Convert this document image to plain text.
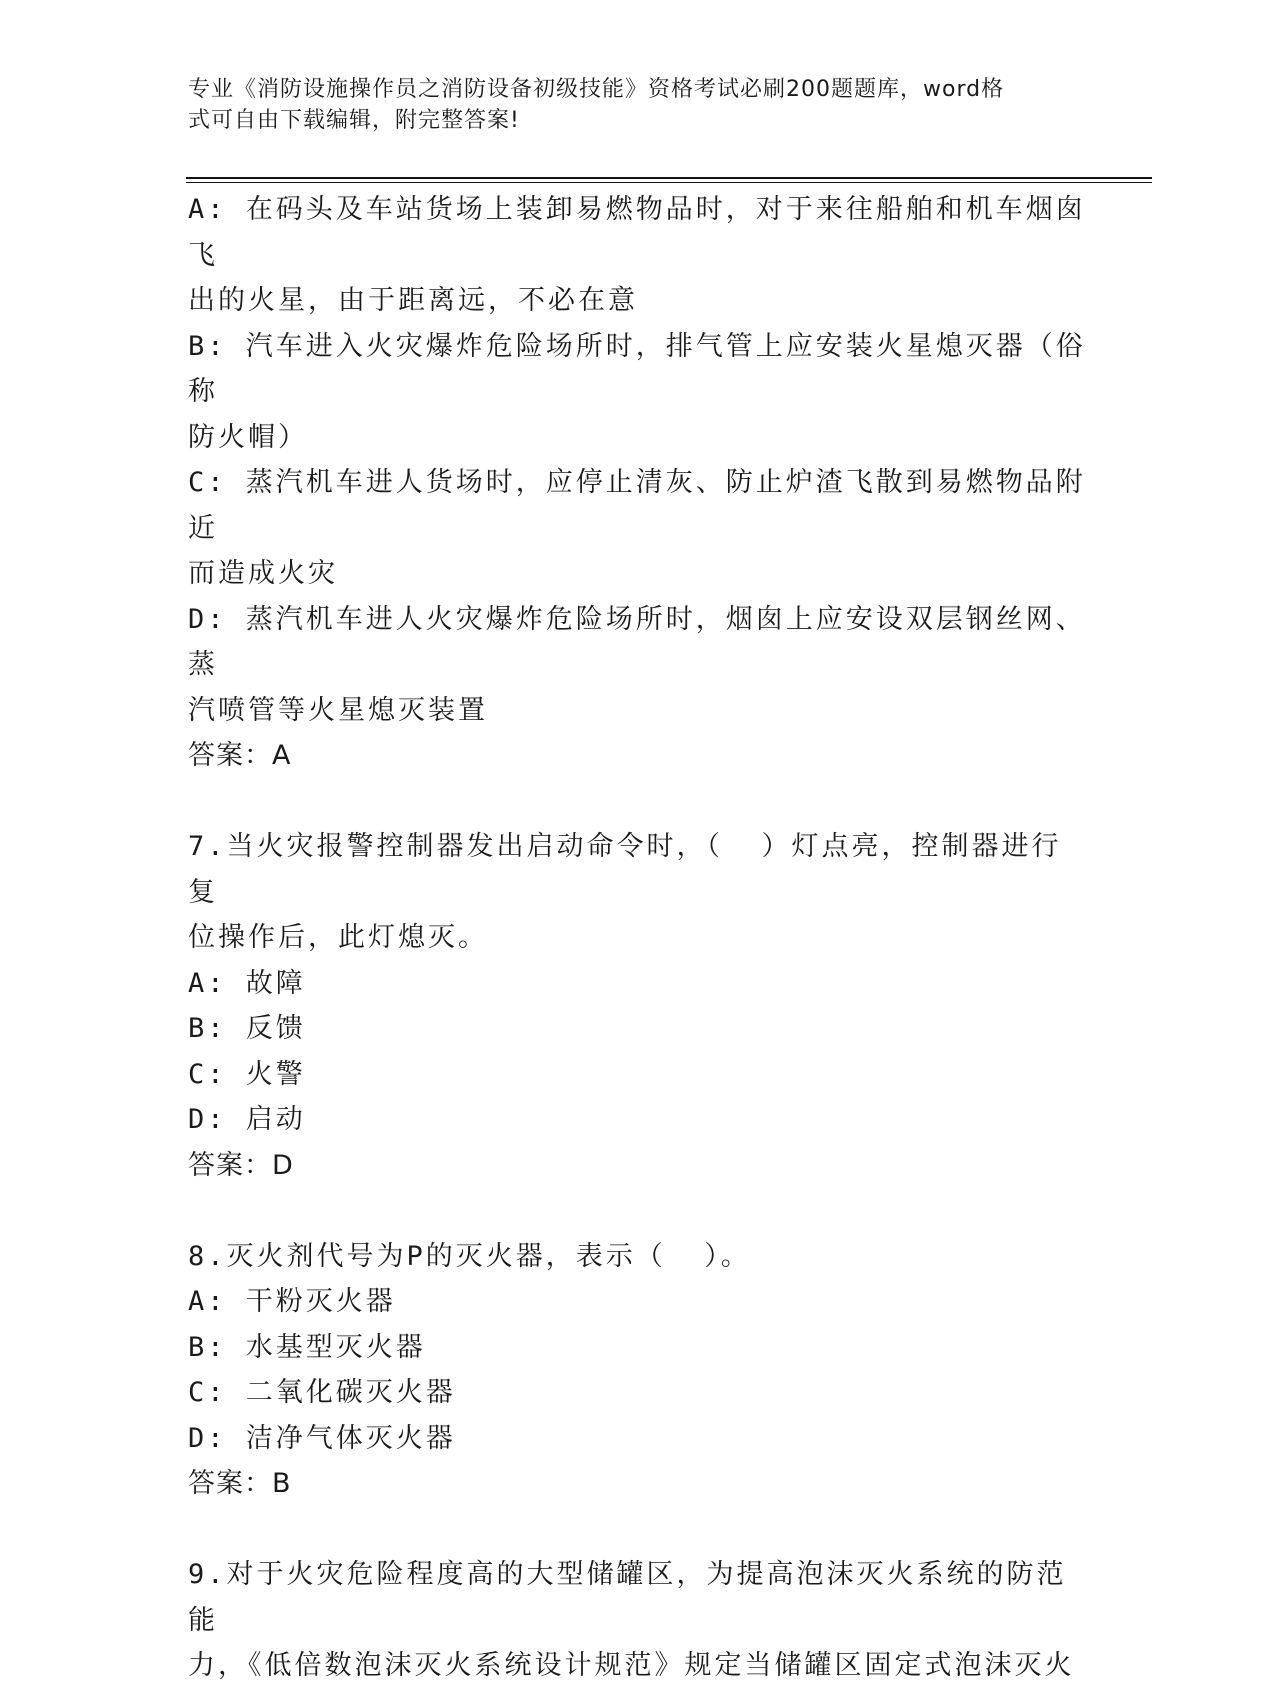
专业《消防设施操作员之消防设备初级技能》资格考试必刷200题题库，word格
式可自由下载编辑，附完整答案!

A: 在码头及车站货场上装卸易燃物品时，对于来往船舶和机车烟囱飞

出的火星，由于距离远，不必在意

B: 汽车进入火灾爆炸危险场所时，排气管上应安装火星熄灭器（俗称

防火帽）

C: 蒸汽机车进人货场时，应停止清灰、防止炉渣飞散到易燃物品附近

而造成火灾

D: 蒸汽机车进人火灾爆炸危险场所时，烟囱上应安设双层钢丝网、蒸

汽喷管等火星熄灭装置

答案：A

7.当火灾报警控制器发出启动命令时，（  ）灯点亮，控制器进行复

位操作后，此灯熄灭。

A: 故障

B: 反馈

C: 火警

D: 启动

答案：D

8.灭火剂代号为P的灭火器，表示（  ）。

A: 干粉灭火器

B: 水基型灭火器

C: 二氧化碳灭火器

D: 洁净气体灭火器

答案：B

9.对于火灾危险程度高的大型储罐区，为提高泡沫灭火系统的防范能

力，《低倍数泡沫灭火系统设计规范》规定当储罐区固定式泡沫灭火
